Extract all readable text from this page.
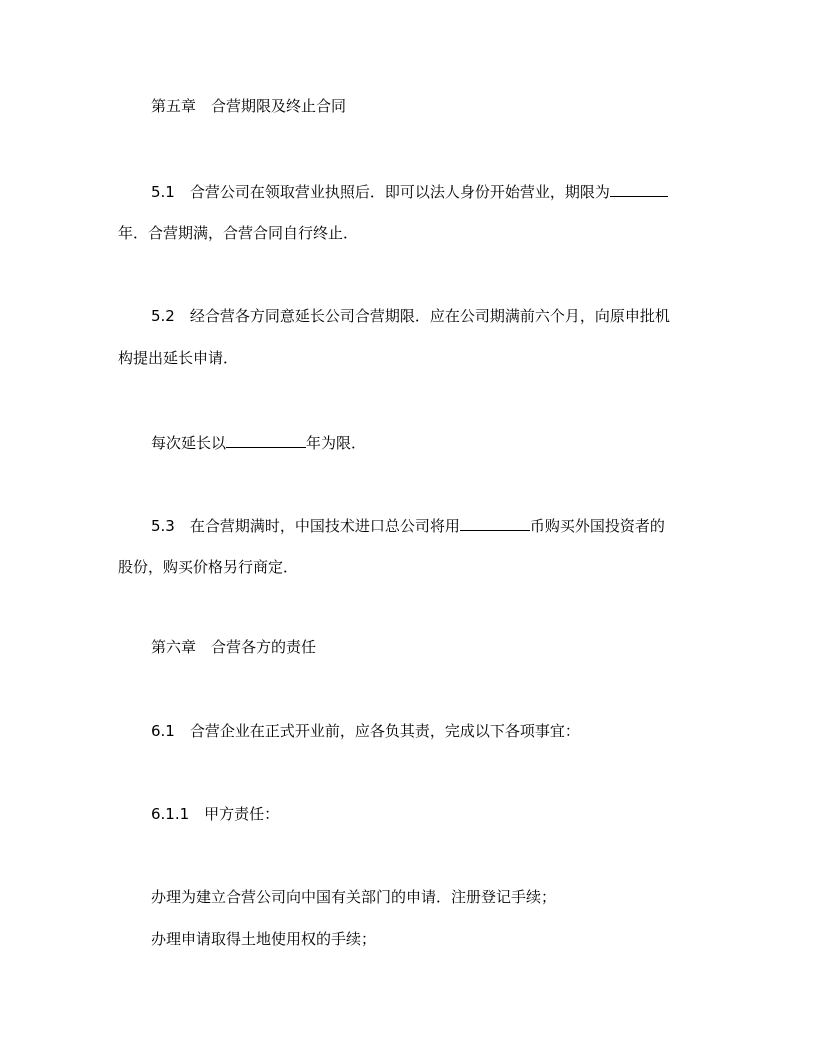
第五章　合营期限及终止合同
5.1　合营公司在领取营业执照后．即可以法人身份开始营业，期限为
年．合营期满，合营合同自行终止．
5.2　经合营各方同意延长公司合营期限．应在公司期满前六个月，向原申批机
构提出延长申请．
每次延长以	年为限．
5.3　在合营期满时，中国技术进口总公司将用	币购买外国投资者的
股份，购买价格另行商定．
第六章　合营各方的责任
6.1　合营企业在正式开业前，应各负其责，完成以下各项事宜：
6.1.1　甲方责任：
办理为建立合营公司向中国有关部门的申请．注册登记手续；
办理申请取得土地使用权的手续；
